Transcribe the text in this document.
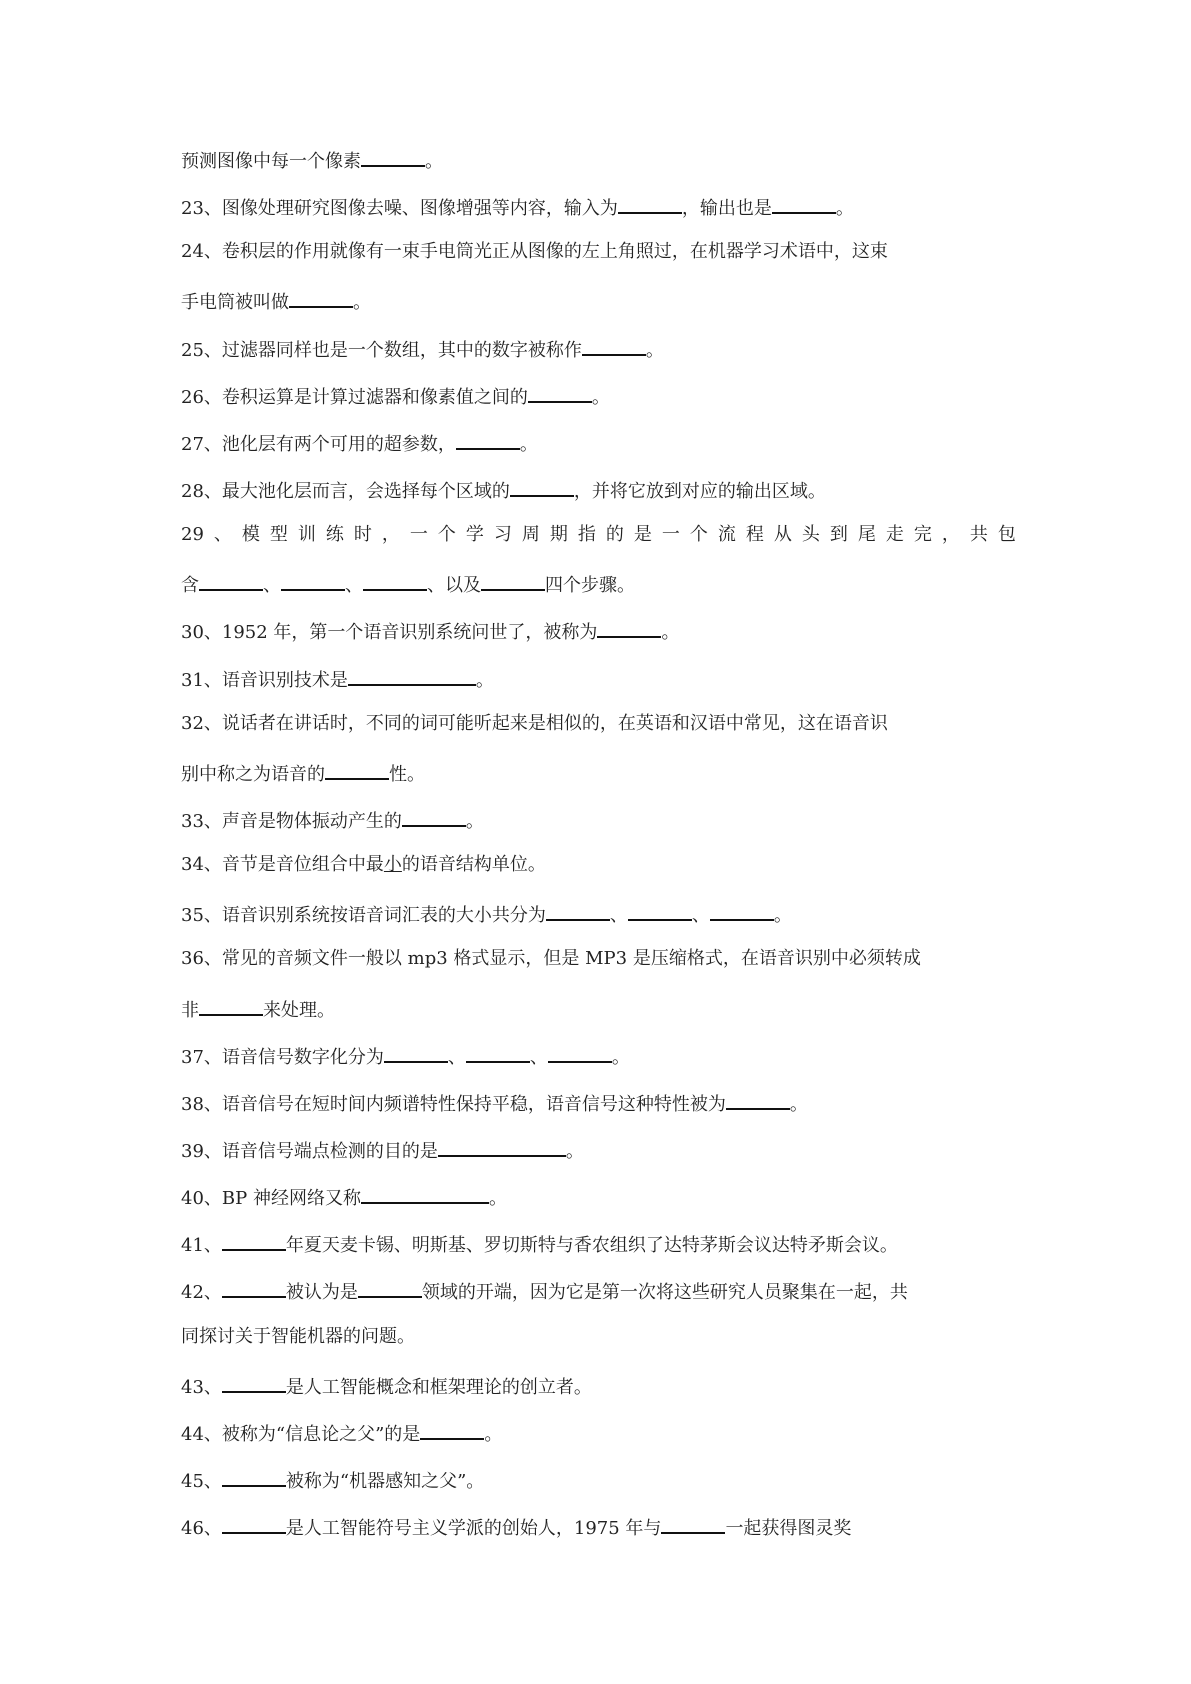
预测图像中每一个像素	。
23、图像处理研究图像去噪、图像增强等内容，输入为	，输出也是	。
24、卷积层的作用就像有一束手电筒光正从图像的左上角照过，在机器学习术语中，这束
手电筒被叫做	。
25、过滤器同样也是一个数组，其中的数字被称作	。
26、卷积运算是计算过滤器和像素值之间的	。
27、池化层有两个可用的超参数，	。
28、最大池化层而言，会选择每个区域的	，并将它放到对应的输出区域。
29 、 模 型 训 练 时 ， 一 个 学 习 周 期 指 的 是 一 个 流 程 从 头 到 尾 走 完 ， 共 包
含	、	、	、以及	四个步骤。
30、1952 年，第一个语音识别系统问世了，被称为	。
31、语音识别技术是	。
32、说话者在讲话时，不同的词可能听起来是相似的，在英语和汉语中常见，这在语音识
别中称之为语音的	性。
33、声音是物体振动产生的	。
34、音节是音位组合中最小的语音结构单位。
35、语音识别系统按语音词汇表的大小共分为	、	、	。
36、常见的音频文件一般以 mp3 格式显示，但是 MP3 是压缩格式，在语音识别中必须转成
非	来处理。
37、语音信号数字化分为	、	、	。
38、语音信号在短时间内频谱特性保持平稳，语音信号这种特性被为	。
39、语音信号端点检测的目的是	。
40、BP 神经网络又称	。
41、	年夏天麦卡锡、明斯基、罗切斯特与香农组织了达特茅斯会议达特矛斯会议。
42、	被认为是	领域的开端，因为它是第一次将这些研究人员聚集在一起，共
同探讨关于智能机器的问题。
43、	是人工智能概念和框架理论的创立者。
44、被称为“信息论之父”的是	。
45、	被称为“机器感知之父”。
46、	是人工智能符号主义学派的创始人，1975 年与	一起获得图灵奖
